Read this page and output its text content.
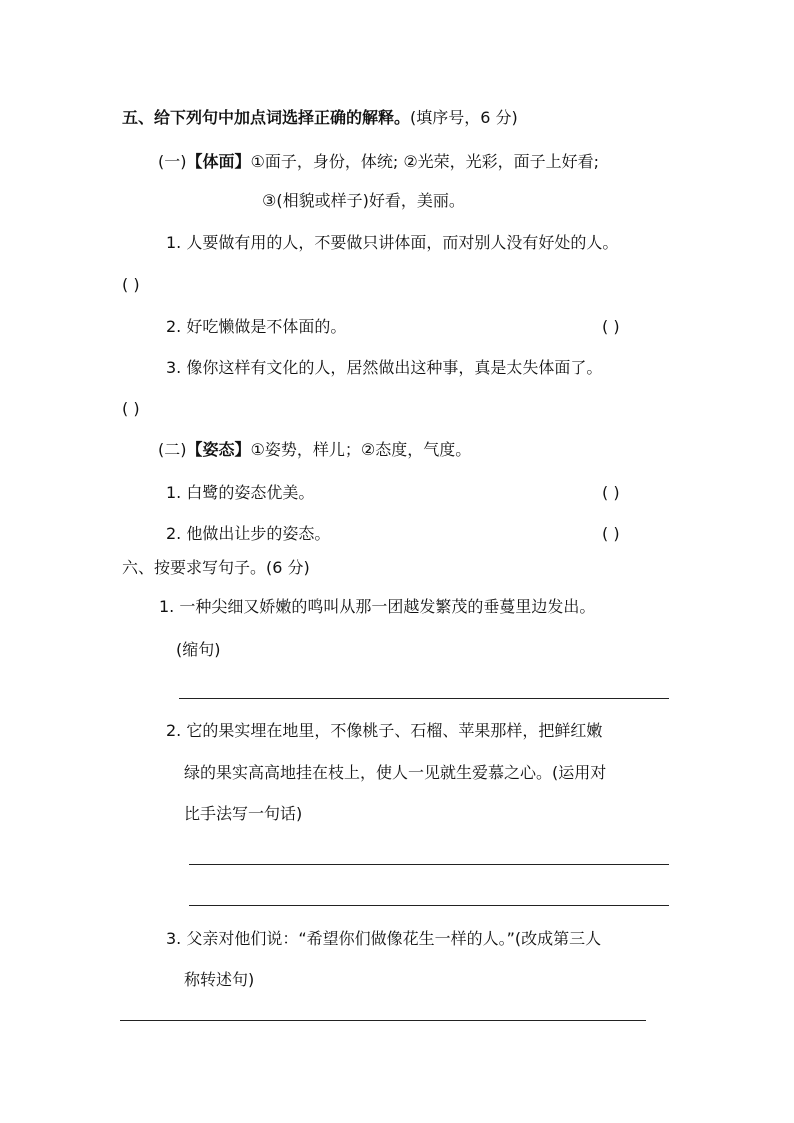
五、给下列句中加点词选择正确的解释。(填序号，6 分)
(一)【体面】①面子，身份，体统; ②光荣，光彩，面子上好看;
③(相貌或样子)好看，美丽。
1. 人要做有用的人，不要做只讲体面，而对别人没有好处的人。
( )
2. 好吃懒做是不体面的。	( )
3. 像你这样有文化的人，居然做出这种事，真是太失体面了。
( )
(二)【姿态】①姿势，样儿；②态度，气度。
1. 白鹭的姿态优美。	( )
2. 他做出让步的姿态。	( )
六、按要求写句子。(6 分)
1. 一种尖细又娇嫩的鸣叫从那一团越发繁茂的垂蔓里边发出。
(缩句)
2. 它的果实埋在地里，不像桃子、石榴、苹果那样，把鲜红嫩
绿的果实高高地挂在枝上，使人一见就生爱慕之心。(运用对
比手法写一句话)
3. 父亲对他们说：“希望你们做像花生一样的人。”(改成第三人
称转述句)
